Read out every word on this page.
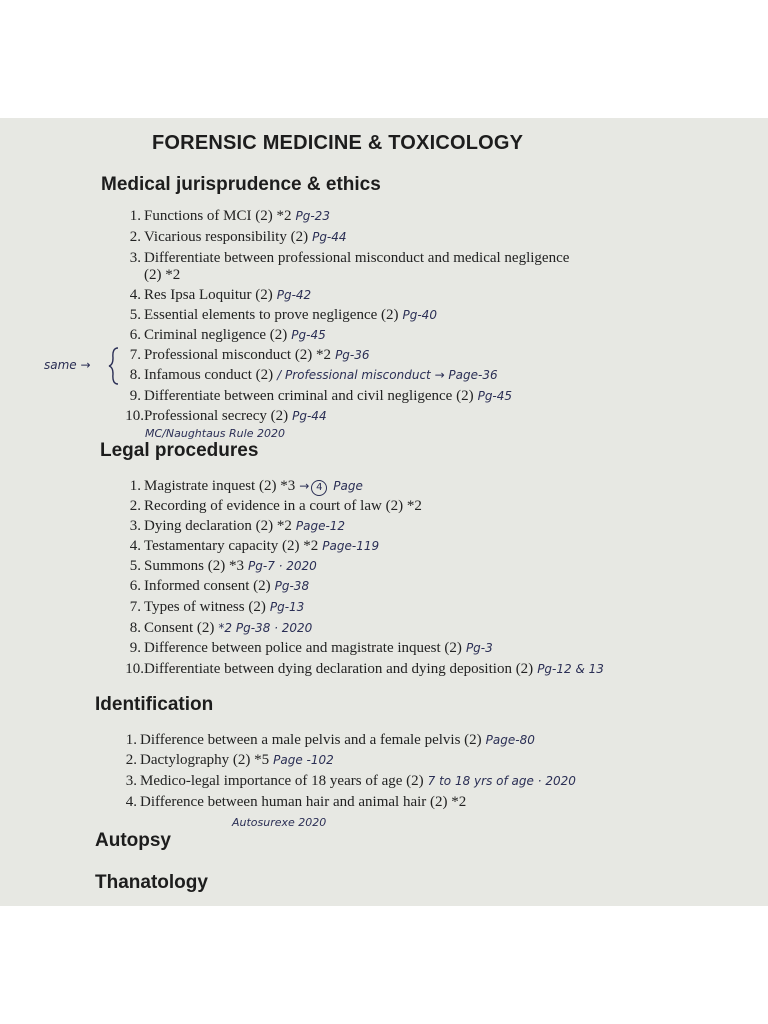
FORENSIC MEDICINE & TOXICOLOGY
Medical jurisprudence & ethics
1. Functions of MCI (2) *2 Pg-23
2. Vicarious responsibility (2) Pg-44
3. Differentiate between professional misconduct and medical negligence
(2) *2
4. Res Ipsa Loquitur (2) Pg-42
5. Essential elements to prove negligence (2) Pg-40
6. Criminal negligence (2) Pg-45
7. Professional misconduct (2) *2 Pg-36
8. Infamous conduct (2) / Professional misconduct → Page-36
9. Differentiate between criminal and civil negligence (2) Pg-45
10.Professional secrecy (2) Pg-44
same →
MC/Naughtaus Rule 2020
Legal procedures
1. Magistrate inquest (2) *3 → 4 Page
2. Recording of evidence in a court of law (2) *2
3. Dying declaration (2) *2 Page-12
4. Testamentary capacity (2) *2 Page-119
5. Summons (2) *3 Pg-7 · 2020
6. Informed consent (2) Pg-38
7. Types of witness (2) Pg-13
8. Consent (2) *2 Pg-38 · 2020
9. Difference between police and magistrate inquest (2) Pg-3
10.Differentiate between dying declaration and dying deposition (2) Pg-12 & 13
Identification
1. Difference between a male pelvis and a female pelvis (2) Page-80
2. Dactylography (2) *5 Page -102
3. Medico-legal importance of 18 years of age (2) 7 to 18 yrs of age · 2020
4. Difference between human hair and animal hair (2) *2
Autosurexe 2020
Autopsy
Thanatology
